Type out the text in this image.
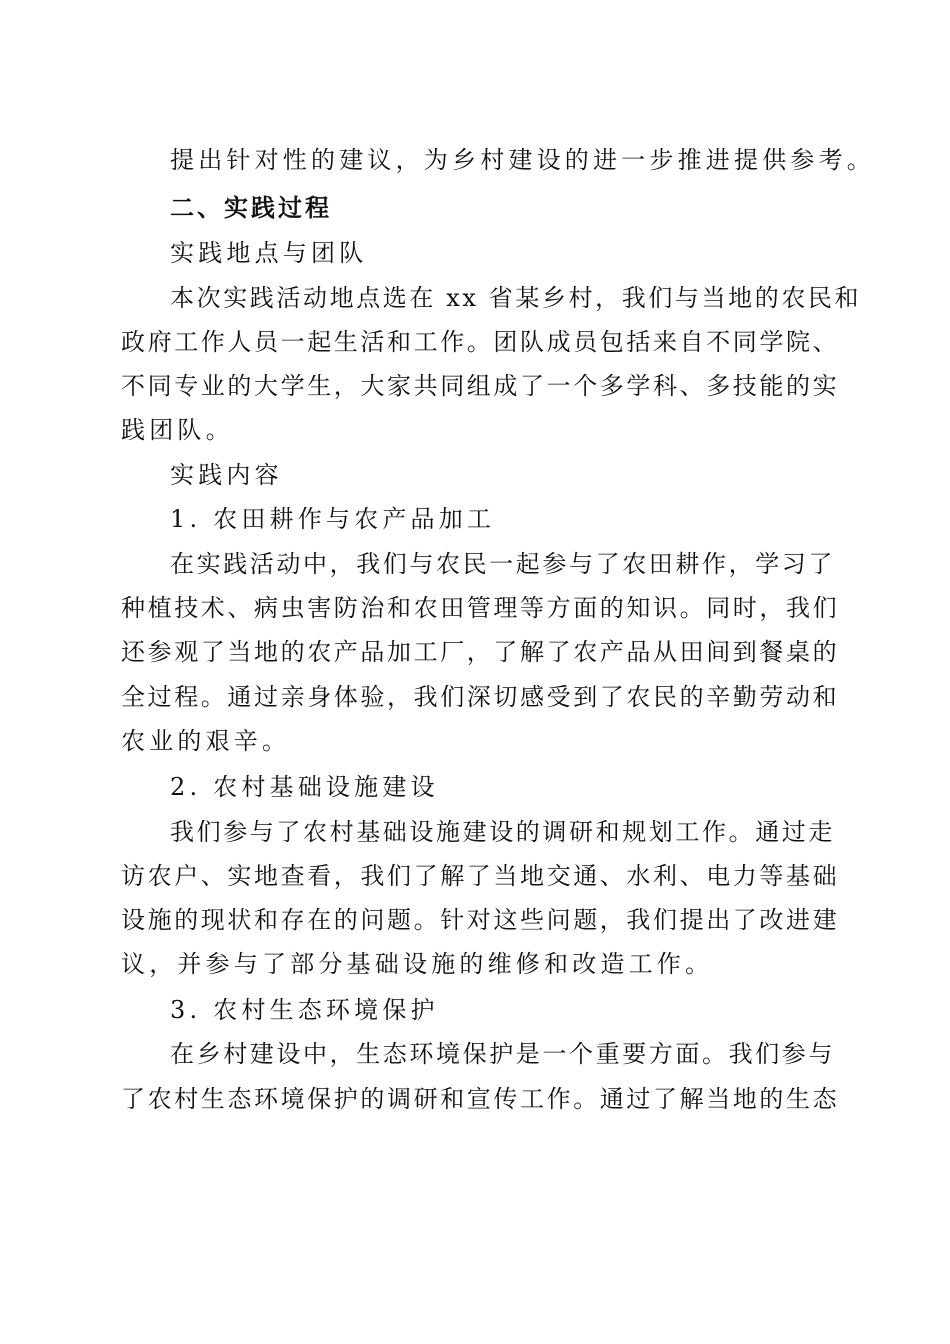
提出针对性的建议，为乡村建设的进一步推进提供参考。
二、实践过程
实践地点与团队
本次实践活动地点选在 xx 省某乡村，我们与当地的农民和
政府工作人员一起生活和工作。团队成员包括来自不同学院、
不同专业的大学生，大家共同组成了一个多学科、多技能的实
践团队。
实践内容
1. 农田耕作与农产品加工
在实践活动中，我们与农民一起参与了农田耕作，学习了
种植技术、病虫害防治和农田管理等方面的知识。同时，我们
还参观了当地的农产品加工厂，了解了农产品从田间到餐桌的
全过程。通过亲身体验，我们深切感受到了农民的辛勤劳动和
农业的艰辛。
2. 农村基础设施建设
我们参与了农村基础设施建设的调研和规划工作。通过走
访农户、实地查看，我们了解了当地交通、水利、电力等基础
设施的现状和存在的问题。针对这些问题，我们提出了改进建
议，并参与了部分基础设施的维修和改造工作。
3. 农村生态环境保护
在乡村建设中，生态环境保护是一个重要方面。我们参与
了农村生态环境保护的调研和宣传工作。通过了解当地的生态
